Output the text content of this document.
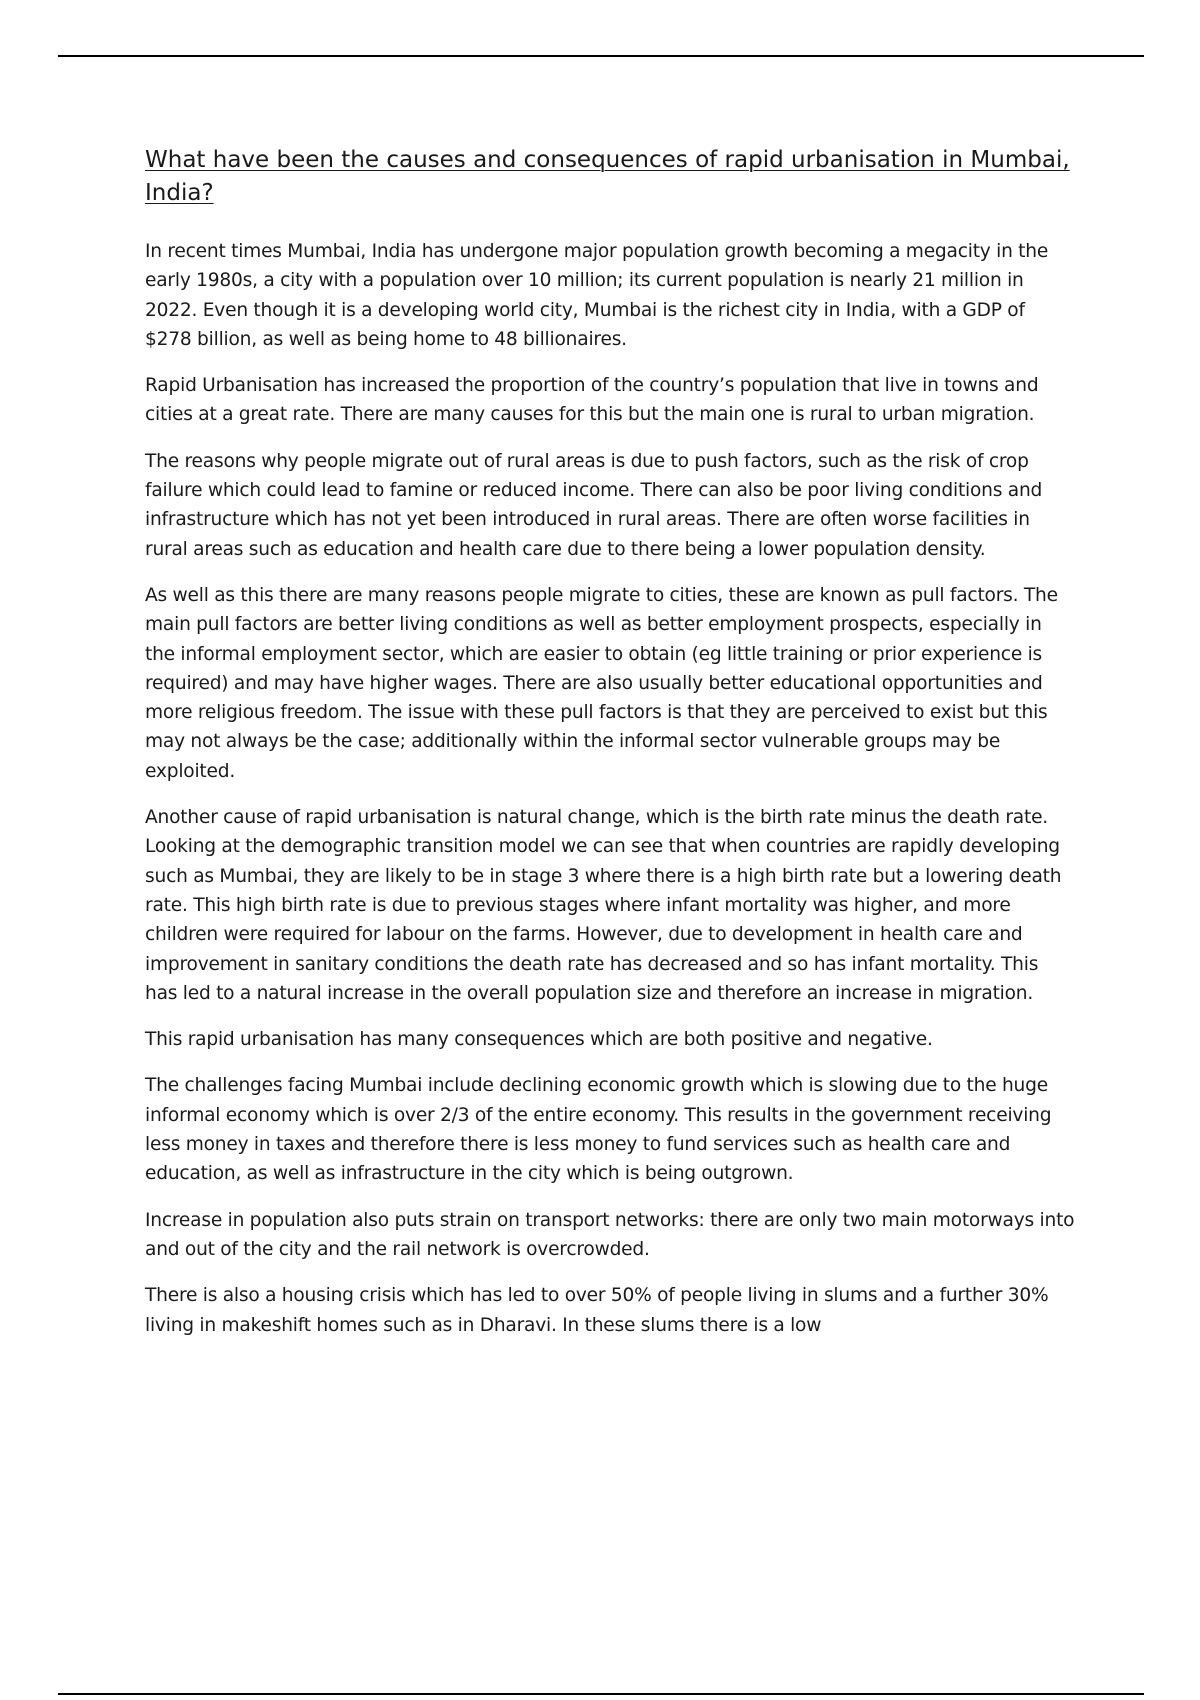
What have been the causes and consequences of rapid urbanisation in Mumbai, India?

In recent times Mumbai, India has undergone major population growth becoming a megacity in the early 1980s, a city with a population over 10 million; its current population is nearly 21 million in 2022. Even though it is a developing world city, Mumbai is the richest city in India, with a GDP of $278 billion, as well as being home to 48 billionaires.

Rapid Urbanisation has increased the proportion of the country’s population that live in towns and cities at a great rate. There are many causes for this but the main one is rural to urban migration.

The reasons why people migrate out of rural areas is due to push factors, such as the risk of crop failure which could lead to famine or reduced income. There can also be poor living conditions and infrastructure which has not yet been introduced in rural areas. There are often worse facilities in rural areas such as education and health care due to there being a lower population density.

As well as this there are many reasons people migrate to cities, these are known as pull factors. The main pull factors are better living conditions as well as better employment prospects, especially in the informal employment sector, which are easier to obtain (eg little training or prior experience is required) and may have higher wages. There are also usually better educational opportunities and more religious freedom. The issue with these pull factors is that they are perceived to exist but this may not always be the case; additionally within the informal sector vulnerable groups may be exploited.

Another cause of rapid urbanisation is natural change, which is the birth rate minus the death rate. Looking at the demographic transition model we can see that when countries are rapidly developing such as Mumbai, they are likely to be in stage 3 where there is a high birth rate but a lowering death rate. This high birth rate is due to previous stages where infant mortality was higher, and more children were required for labour on the farms. However, due to development in health care and improvement in sanitary conditions the death rate has decreased and so has infant mortality. This has led to a natural increase in the overall population size and therefore an increase in migration.

This rapid urbanisation has many consequences which are both positive and negative.

The challenges facing Mumbai include declining economic growth which is slowing due to the huge informal economy which is over 2/3 of the entire economy. This results in the government receiving less money in taxes and therefore there is less money to fund services such as health care and education, as well as infrastructure in the city which is being outgrown.

Increase in population also puts strain on transport networks: there are only two main motorways into and out of the city and the rail network is overcrowded.

There is also a housing crisis which has led to over 50% of people living in slums and a further 30% living in makeshift homes such as in Dharavi. In these slums there is a low
